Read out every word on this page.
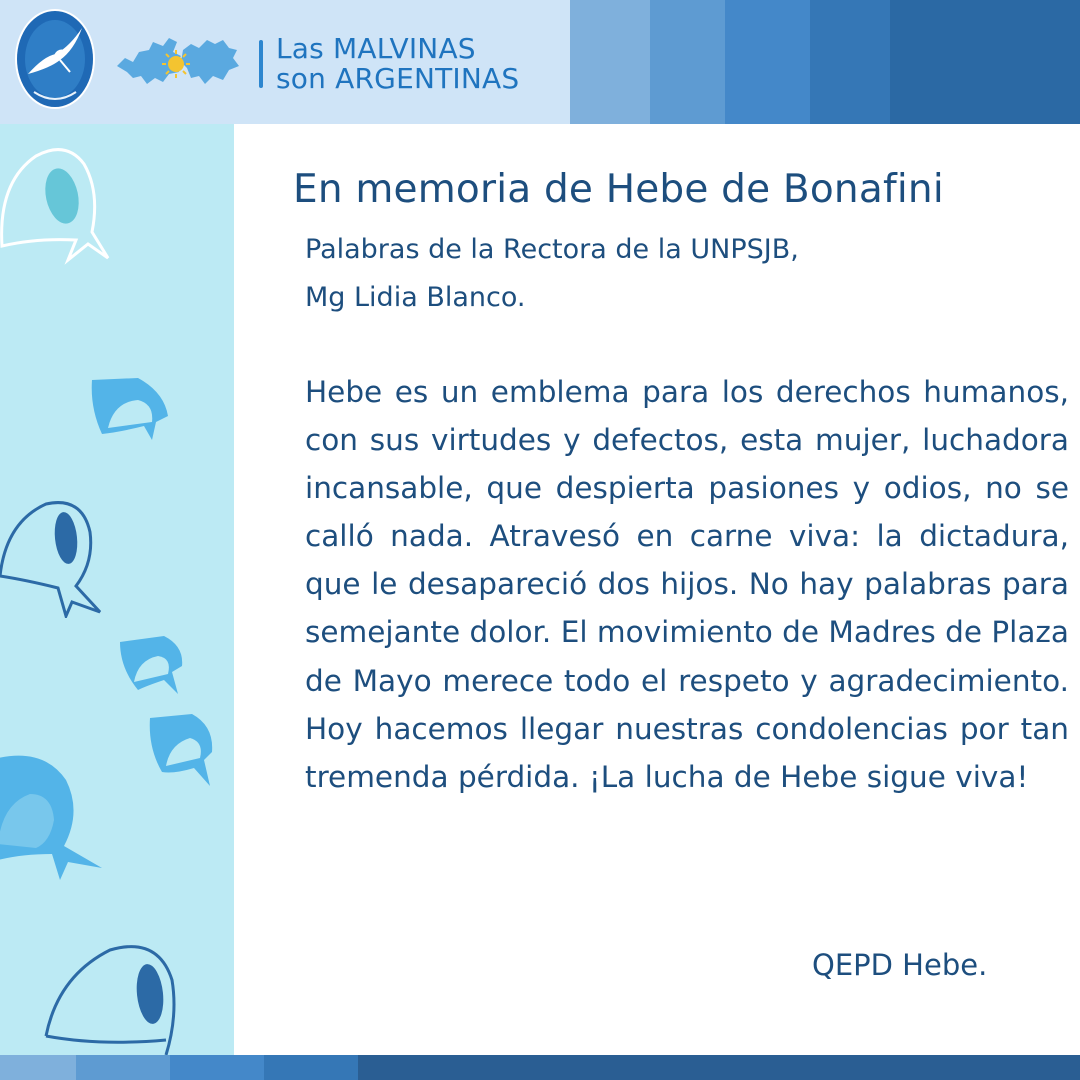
Las MALVINAS
son ARGENTINAS
En memoria de Hebe de Bonafini
Palabras de la Rectora de la UNPSJB,
Mg Lidia Blanco.
Hebe es un emblema para los derechos humanos, con sus virtudes y defectos, esta mujer, luchadora incansable, que despierta pasiones y odios, no se calló nada. Atravesó en carne viva: la dictadura, que le desapareció dos hijos. No hay palabras para semejante dolor. El movimiento de Madres de Plaza de Mayo merece todo el respeto y agradecimiento. Hoy hacemos llegar nuestras condolencias por tan tremenda pérdida. ¡La lucha de Hebe sigue viva!
QEPD Hebe.
